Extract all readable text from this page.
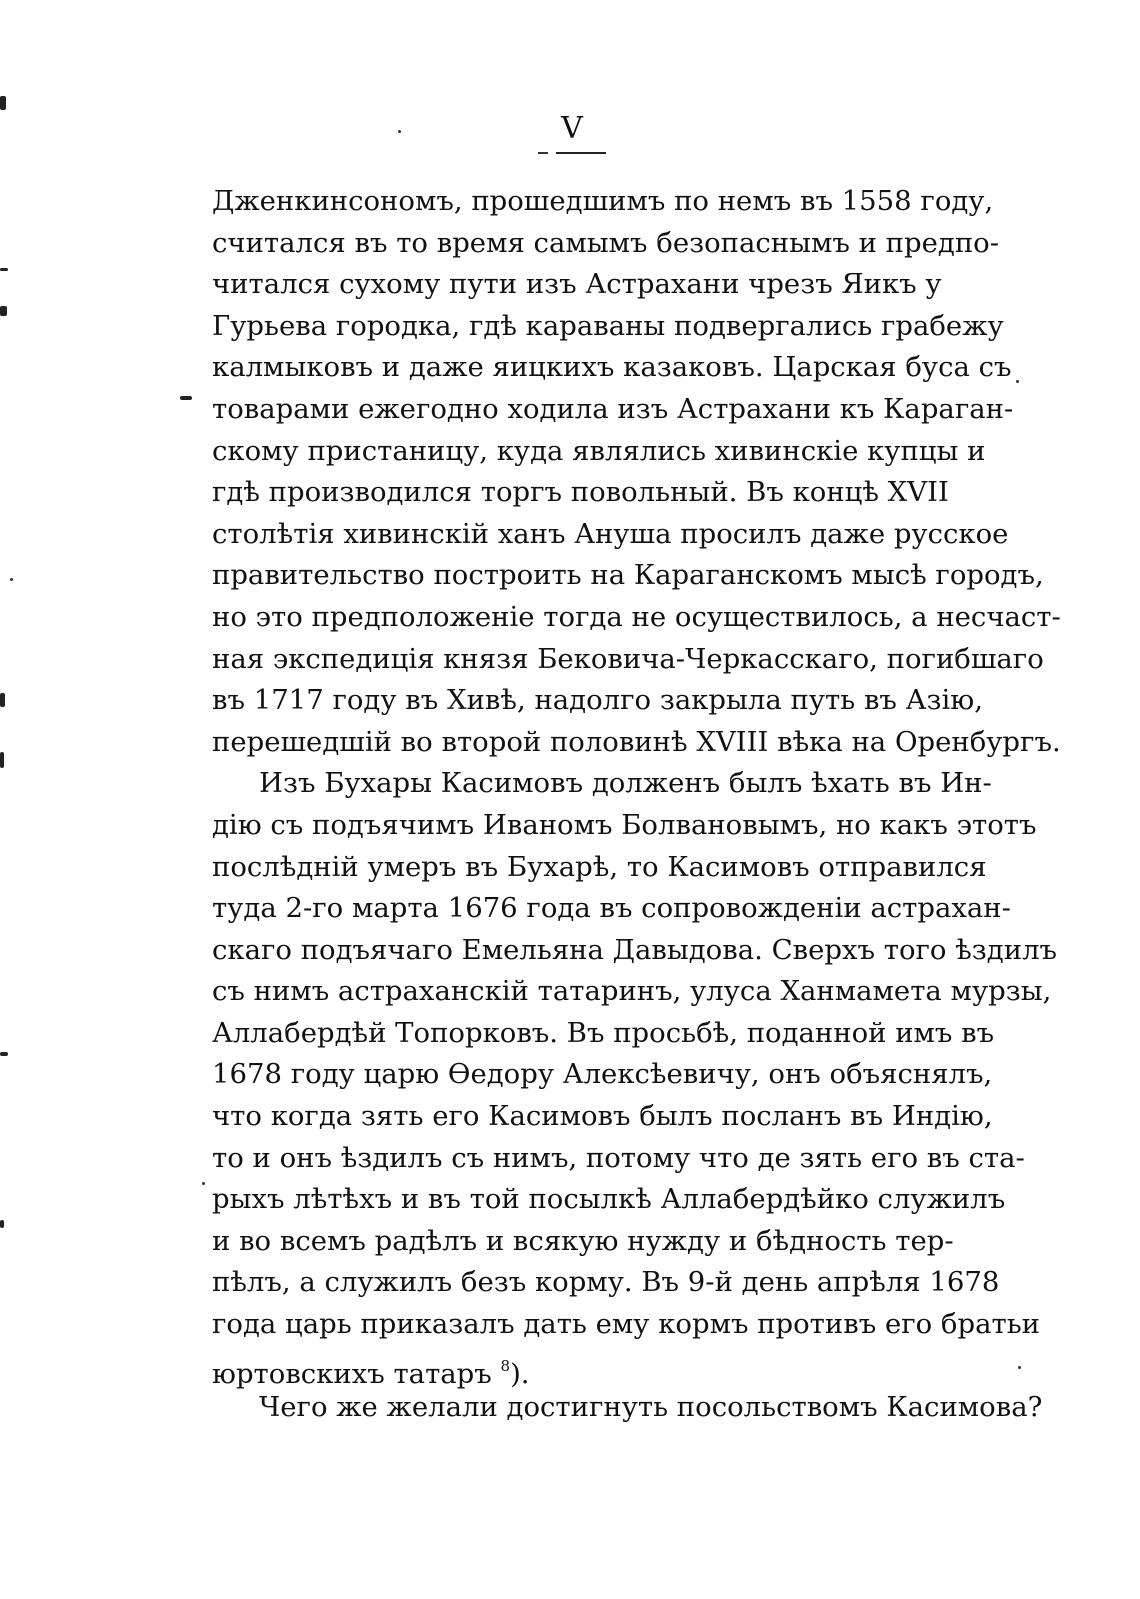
V
Дженкинсономъ, прошедшимъ по немъ въ 1558 году,
считался въ то время самымъ безопаснымъ и предпо-
читался сухому пути изъ Астрахани чрезъ Яикъ у
Гурьева городка, гдѣ караваны подвергались грабежу
калмыковъ и даже яицкихъ казаковъ. Царская буса съ
товарами ежегодно ходила изъ Астрахани къ Караган-
скому пристаницу, куда являлись хивинскіе купцы и
гдѣ производился торгъ повольный. Въ концѣ XVII
столѣтія хивинскій ханъ Ануша просилъ даже русское
правительство построить на Караганскомъ мысѣ городъ,
но это предположеніе тогда не осуществилось, а несчаст-
ная экспедиція князя Бековича-Черкасскаго, погибшаго
въ 1717 году въ Хивѣ, надолго закрыла путь въ Азію,
перешедшій во второй половинѣ XVIII вѣка на Оренбургъ.
Изъ Бухары Касимовъ долженъ былъ ѣхать въ Ин-
дію съ подъячимъ Иваномъ Болвановымъ, но какъ этотъ
послѣдній умеръ въ Бухарѣ, то Касимовъ отправился
туда 2-го марта 1676 года въ сопровожденіи астрахан-
скаго подъячаго Емельяна Давыдова. Сверхъ того ѣздилъ
съ нимъ астраханскій татаринъ, улуса Ханмамета мурзы,
Аллабердѣй Топорковъ. Въ просьбѣ, поданной имъ въ
1678 году царю Ѳедору Алексѣевичу, онъ объяснялъ,
что когда зять его Касимовъ былъ посланъ въ Индію,
то и онъ ѣздилъ съ нимъ, потому что де зять его въ ста-
рыхъ лѣтѣхъ и въ той посылкѣ Аллабердѣйко служилъ
и во всемъ радѣлъ и всякую нужду и бѣдность тер-
пѣлъ, а служилъ безъ корму. Въ 9-й день апрѣля 1678
года царь приказалъ дать ему кормъ противъ его братьи
юртовскихъ татаръ $^8$).
Чего же желали достигнуть посольствомъ Касимова?
